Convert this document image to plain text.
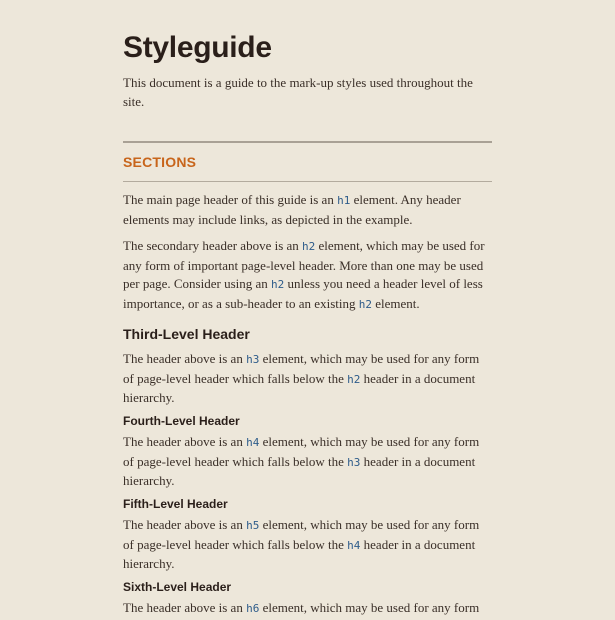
Styleguide

This document is a guide to the mark-up styles used throughout the site.

SECTIONS

The main page header of this guide is an h1 element. Any header elements may include links, as depicted in the example.

The secondary header above is an h2 element, which may be used for any form of important page-level header. More than one may be used per page. Consider using an h2 unless you need a header level of less importance, or as a sub-header to an existing h2 element.

Third-Level Header

The header above is an h3 element, which may be used for any form of page-level header which falls below the h2 header in a document hierarchy.

Fourth-Level Header

The header above is an h4 element, which may be used for any form of page-level header which falls below the h3 header in a document hierarchy.

Fifth-Level Header

The header above is an h5 element, which may be used for any form of page-level header which falls below the h4 header in a document hierarchy.

Sixth-Level Header

The header above is an h6 element, which may be used for any form
